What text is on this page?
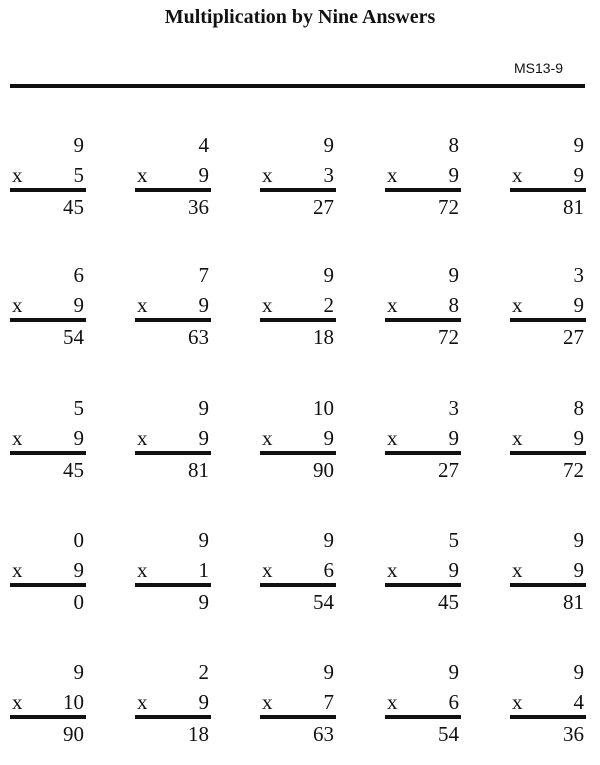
Multiplication by Nine Answers
MS13-9
9
x 5
45
4
x 9
36
9
x 3
27
8
x 9
72
9
x 9
81
6
x 9
54
7
x 9
63
9
x 2
18
9
x 8
72
3
x 9
27
5
x 9
45
9
x 9
81
10
x 9
90
3
x 9
27
8
x 9
72
0
x 9
0
9
x 1
9
9
x 6
54
5
x 9
45
9
x 9
81
9
x 10
90
2
x 9
18
9
x 7
63
9
x 6
54
9
x 4
36
